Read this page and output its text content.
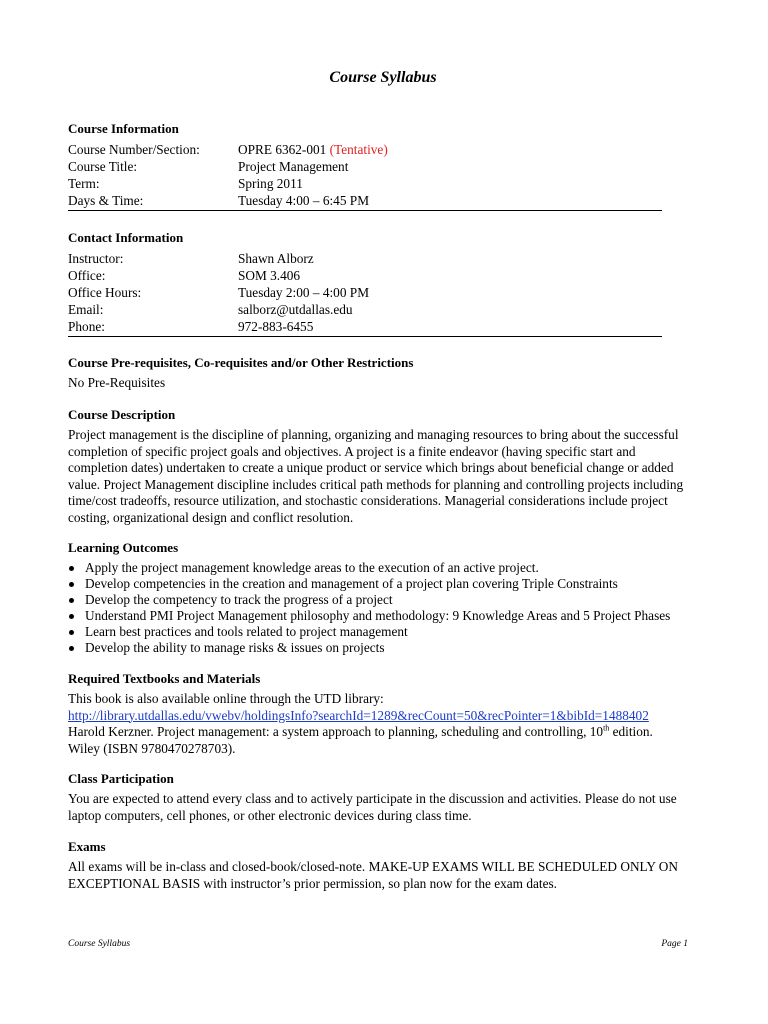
Course Syllabus
Course Information
Course Number/Section:	OPRE 6362-001 (Tentative)
Course Title:	Project Management
Term:	Spring 2011
Days & Time:	Tuesday 4:00 – 6:45 PM
Contact Information
Instructor:	Shawn Alborz
Office:	SOM 3.406
Office Hours:	Tuesday 2:00 – 4:00 PM
Email:	salborz@utdallas.edu
Phone:	972-883-6455
Course Pre-requisites, Co-requisites and/or Other Restrictions

No Pre-Requisites

Course Description

Project management is the discipline of planning, organizing and managing resources to bring about the successful completion of specific project goals and objectives. A project is a finite endeavor (having specific start and completion dates) undertaken to create a unique product or service which brings about beneficial change or added value. Project Management discipline includes critical path methods for planning and controlling projects including time/cost tradeoffs, resource utilization, and stochastic considerations. Managerial considerations include project costing, organizational design and conflict resolution.

Learning Outcomes
Apply the project management knowledge areas to the execution of an active project.
Develop competencies in the creation and management of a project plan covering Triple Constraints
Develop the competency to track the progress of a project
Understand PMI Project Management philosophy and methodology: 9 Knowledge Areas and 5 Project Phases
Learn best practices and tools related to project management
Develop the ability to manage risks & issues on projects
Required Textbooks and Materials

This book is also available online through the UTD library:

http://library.utdallas.edu/vwebv/holdingsInfo?searchId=1289&recCount=50&recPointer=1&bibId=1488402

Harold Kerzner. Project management: a system approach to planning, scheduling and controlling, 10th edition.

Wiley (ISBN 9780470278703).

Class Participation

You are expected to attend every class and to actively participate in the discussion and activities. Please do not use laptop computers, cell phones, or other electronic devices during class time.

Exams

All exams will be in-class and closed-book/closed-note. MAKE-UP EXAMS WILL BE SCHEDULED ONLY ON EXCEPTIONAL BASIS with instructor’s prior permission, so plan now for the exam dates.

Course Syllabus	Page 1
